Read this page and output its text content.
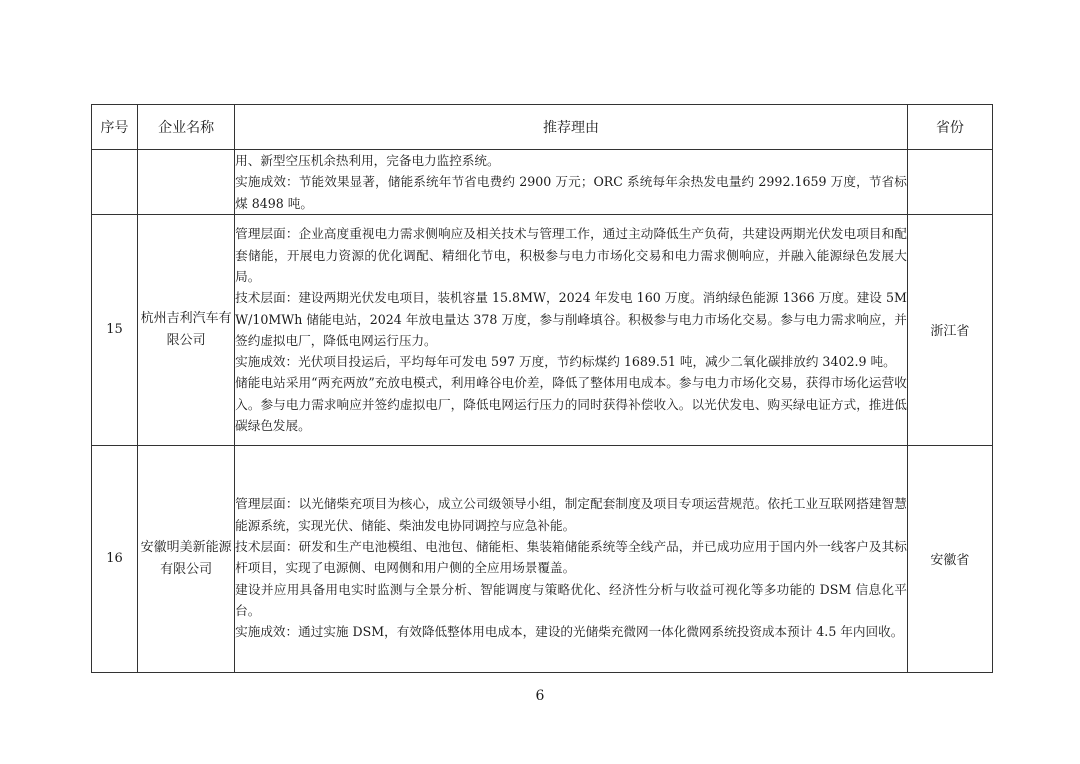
序号	企业名称	推荐理由	省份

		用、新型空压机余热利用，完备电力监控系统。

实施成效：节能效果显著，储能系统年节省电费约 2900 万元；ORC 系统每年余热发电量约 2992.1659 万度，节省标煤 8498 吨。	

15	杭州吉利汽车有限公司	管理层面：企业高度重视电力需求侧响应及相关技术与管理工作，通过主动降低生产负荷，共建设两期光伏发电项目和配套储能，开展电力资源的优化调配、精细化节电，积极参与电力市场化交易和电力需求侧响应，并融入能源绿色发展大局。

技术层面：建设两期光伏发电项目，装机容量 15.8MW，2024 年发电 160 万度。消纳绿色能源 1366 万度。建设 5MW/10MWh 储能电站，2024 年放电量达 378 万度，参与削峰填谷。积极参与电力市场化交易。参与电力需求响应，并签约虚拟电厂，降低电网运行压力。

实施成效：光伏项目投运后，平均每年可发电 597 万度，节约标煤约 1689.51 吨，减少二氧化碳排放约 3402.9 吨。

储能电站采用“两充两放”充放电模式，利用峰谷电价差，降低了整体用电成本。参与电力市场化交易，获得市场化运营收入。参与电力需求响应并签约虚拟电厂，降低电网运行压力的同时获得补偿收入。以光伏发电、购买绿电证方式，推进低碳绿色发展。	浙江省
16	安徽明美新能源有限公司	管理层面：以光储柴充项目为核心，成立公司级领导小组，制定配套制度及项目专项运营规范。依托工业互联网搭建智慧能源系统，实现光伏、储能、柴油发电协同调控与应急补能。

技术层面：研发和生产电池模组、电池包、储能柜、集装箱储能系统等全线产品，并已成功应用于国内外一线客户及其标杆项目，实现了电源侧、电网侧和用户侧的全应用场景覆盖。

建设并应用具备用电实时监测与全景分析、智能调度与策略优化、经济性分析与收益可视化等多功能的 DSM 信息化平台。

实施成效：通过实施 DSM，有效降低整体用电成本，建设的光储柴充微网一体化微网系统投资成本预计 4.5 年内回收。	安徽省
6
